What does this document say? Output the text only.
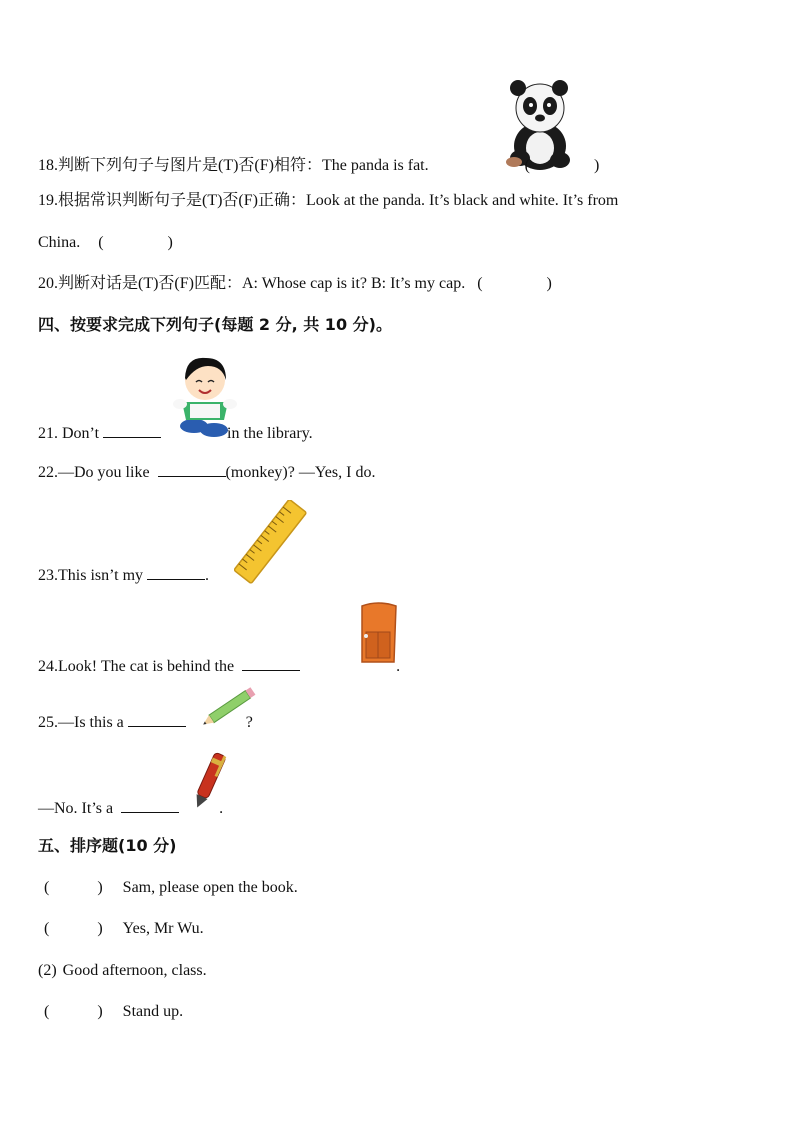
18.判断下列句子与图片是(T)否(F)相符：The panda is fat.	(　　　　)
19.根据常识判断句子是(T)否(F)正确：Look at the panda. It’s black and white. It’s from
China. (　　　　)
20.判断对话是(T)否(F)匹配：A: Whose cap is it? B: It’s my cap. (　　　　)
四、按要求完成下列句子(每题 2 分, 共 10 分)。
21. Don’t	in the library.
22.—Do you like	(monkey)? —Yes, I do.
23.This isn’t my	.
24.Look! The cat is behind the	.
25.—Is this a	?
—No. It’s a	.
五、排序题(10 分)
(　　　) Sam, please open the book.
(　　　) Yes, Mr Wu.
(2) Good afternoon, class.
(　　　) Stand up.
